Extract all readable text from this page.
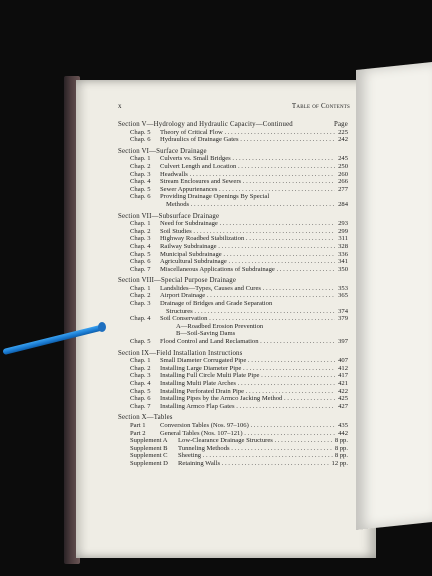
x	Table of Contents
Section V—Hydrology and Hydraulic Capacity—Continued	Page
Chap. 5	Theory of Critical Flow . . .	225
Chap. 6	Hydraulics of Drainage Gates . . .	242
Section VI—Surface Drainage
Chap. 1	Culverts vs. Small Bridges . . .	245
Chap. 2	Culvert Length and Location . . .	250
Chap. 3	Headwalls . . .	260
Chap. 4	Stream Enclosures and Sewers . . .	266
Chap. 5	Sewer Appurtenances . . .	277
Chap. 6	Providing Drainage Openings By Special
Methods . . .	284
Section VII—Subsurface Drainage
Chap. 1	Need for Subdrainage . . .	293
Chap. 2	Soil Studies . . .	299
Chap. 3	Highway Roadbed Stabilization . . .	311
Chap. 4	Railway Subdrainage . . .	328
Chap. 5	Municipal Subdrainage . . .	336
Chap. 6	Agricultural Subdrainage . . .	341
Chap. 7	Miscellaneous Applications of Subdrainage . . .	350
Section VIII—Special Purpose Drainage
Chap. 1	Landslides—Types, Causes and Cures . . .	353
Chap. 2	Airport Drainage . . .	365
Chap. 3	Drainage of Bridges and Grade Separation
Structures . . .	374
Chap. 4	Soil Conservation . . .	379
A—Roadbed Erosion Prevention
B—Soil-Saving Dams
Chap. 5	Flood Control and Land Reclamation . . .	397
Section IX—Field Installation Instructions
Chap. 1	Small Diameter Corrugated Pipe . . .	407
Chap. 2	Installing Large Diameter Pipe . . .	412
Chap. 3	Installing Full Circle Multi Plate Pipe . . .	417
Chap. 4	Installing Multi Plate Arches . . .	421
Chap. 5	Installing Perforated Drain Pipe . . .	422
Chap. 6	Installing Pipes by the Armco Jacking Method . . .	425
Chap. 7	Installing Armco Flap Gates . . .	427
Section X—Tables
Part 1	Conversion Tables (Nos. 97–106) . . .	435
Part 2	General Tables (Nos. 107–121) . . .	442
Supplement A	Low-Clearance Drainage Structures . . .	8 pp.
Supplement B	Tunneling Methods . . .	8 pp.
Supplement C	Sheeting . . .	8 pp.
Supplement D	Retaining Walls . . .	12 pp.
